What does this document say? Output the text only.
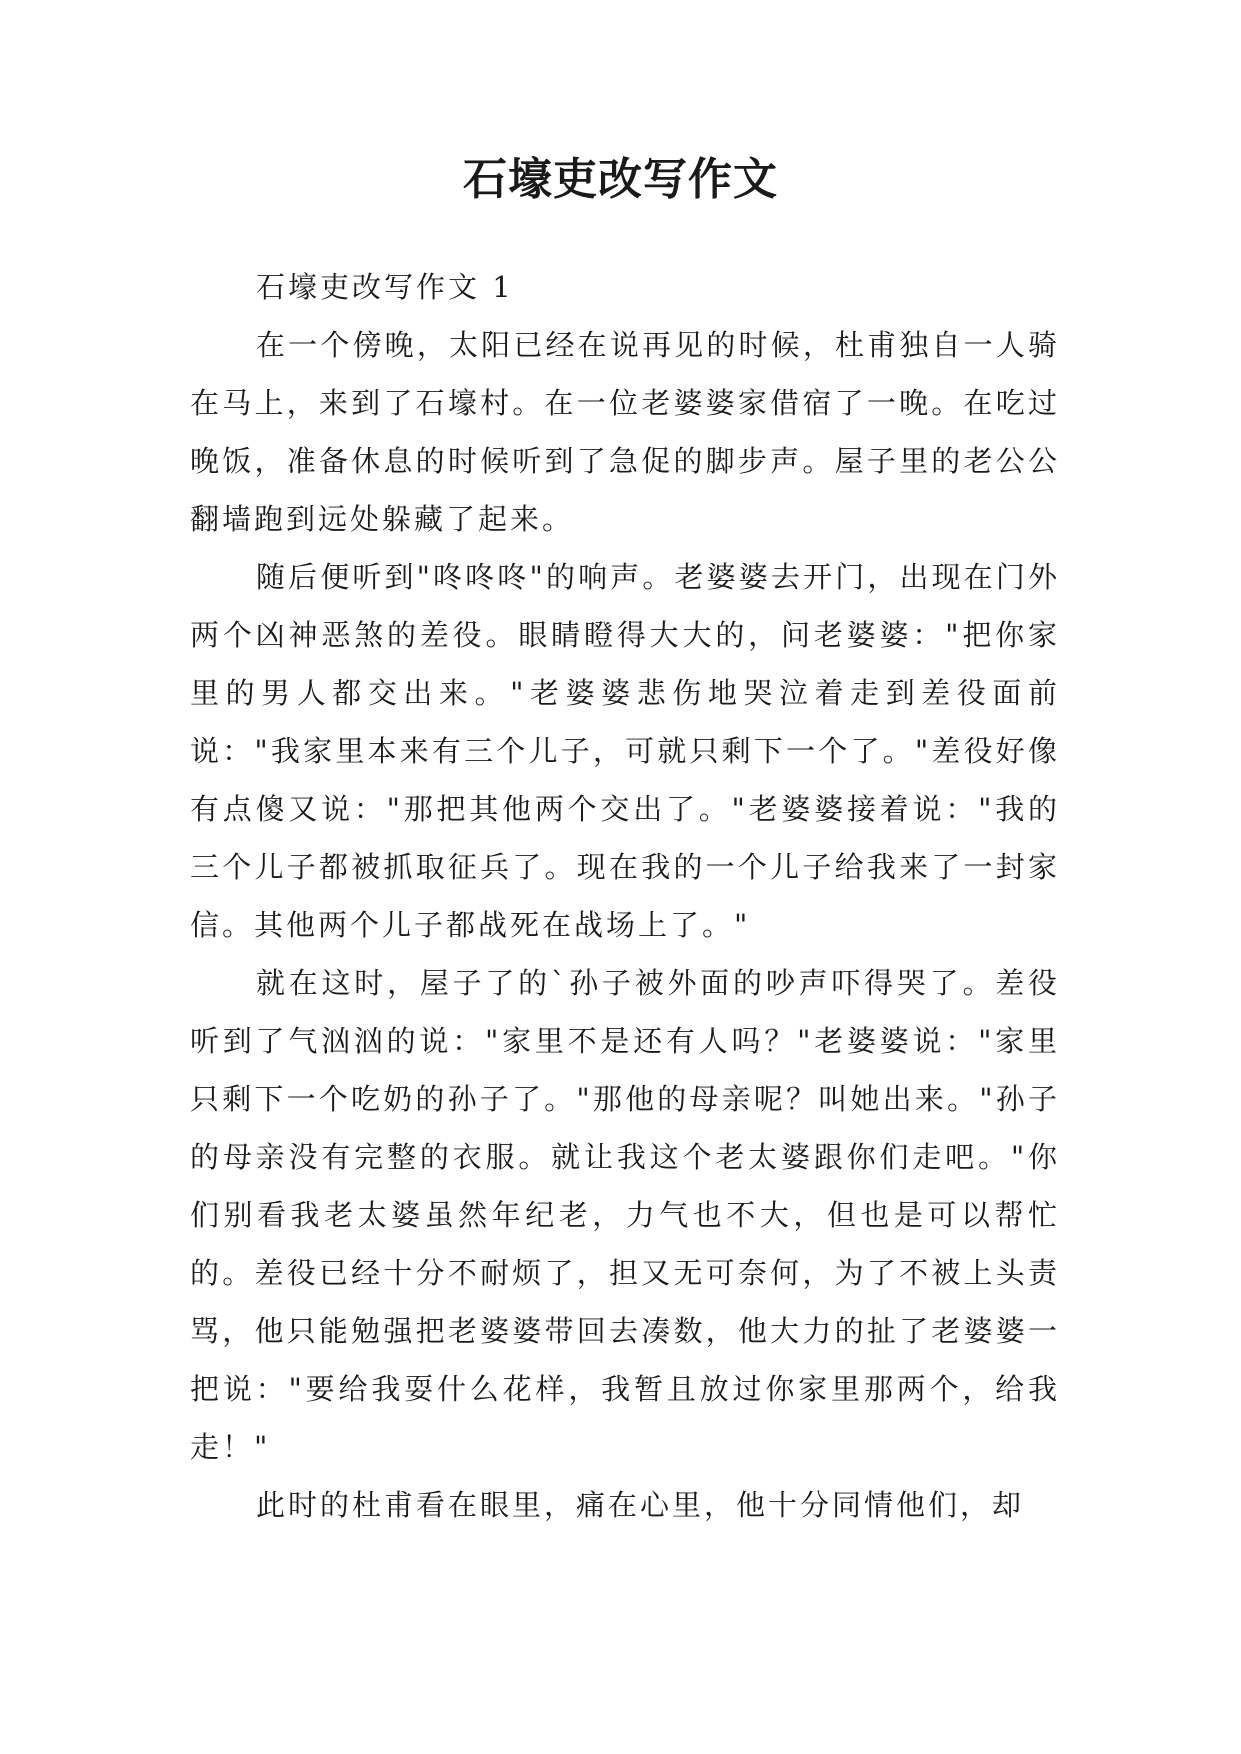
石壕吏改写作文

石壕吏改写作文 1

在一个傍晚，太阳已经在说再见的时候，杜甫独自一人骑在马上，来到了石壕村。在一位老婆婆家借宿了一晚。在吃过晚饭，准备休息的时候听到了急促的脚步声。屋子里的老公公翻墙跑到远处躲藏了起来。

随后便听到"咚咚咚"的响声。老婆婆去开门，出现在门外两个凶神恶煞的差役。眼睛瞪得大大的，问老婆婆："把你家里的男人都交出来。"老婆婆悲伤地哭泣着走到差役面前说："我家里本来有三个儿子，可就只剩下一个了。"差役好像有点傻又说："那把其他两个交出了。"老婆婆接着说："我的三个儿子都被抓取征兵了。现在我的一个儿子给我来了一封家信。其他两个儿子都战死在战场上了。"

就在这时，屋子了的`孙子被外面的吵声吓得哭了。差役听到了气汹汹的说："家里不是还有人吗？"老婆婆说："家里只剩下一个吃奶的孙子了。"那他的母亲呢？叫她出来。"孙子的母亲没有完整的衣服。就让我这个老太婆跟你们走吧。"你们别看我老太婆虽然年纪老，力气也不大，但也是可以帮忙的。差役已经十分不耐烦了，担又无可奈何，为了不被上头责骂，他只能勉强把老婆婆带回去凑数，他大力的扯了老婆婆一把说："要给我耍什么花样，我暂且放过你家里那两个，给我走！"

此时的杜甫看在眼里，痛在心里，他十分同情他们，却
